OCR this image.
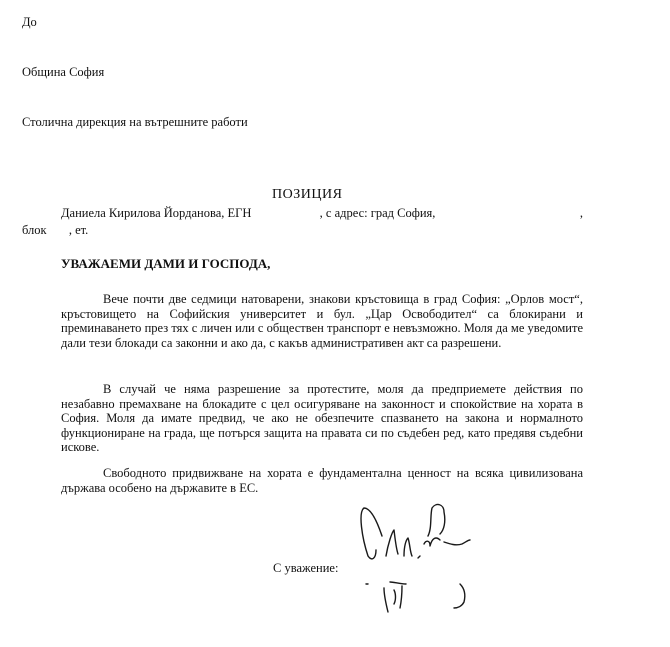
До
Община София
Столична дирекция на вътрешните работи
ПОЗИЦИЯ
Даниела Кирилова Йорданова, ЕГН	, с адрес: град София,	,
блок , ет.
УВАЖАЕМИ ДАМИ И ГОСПОДА,
Вече почти две седмици натоварени, знакови кръстовища в град София: „Орлов мост“, кръстовището на Софийския университет и бул. „Цар Освободител“ са блокирани и преминаването през тях с личен или с обществен транспорт е невъзможно. Моля да ме уведомите дали тези блокади са законни и ако да, с какъв административен акт са разрешени.
В случай че няма разрешение за протестите, моля да предприемете действия по незабавно премахване на блокадите с цел осигуряване на законност и спокойствие на хората в София. Моля да имате предвид, че ако не обезпечите спазването на закона и нормалното функциониране на града, ще потърся защита на правата си по съдебен ред, като предявя съдебни искове.
Свободното придвижване на хората е фундаментална ценност на всяка цивилизована държава особено на държавите в ЕС.
С уважение:
